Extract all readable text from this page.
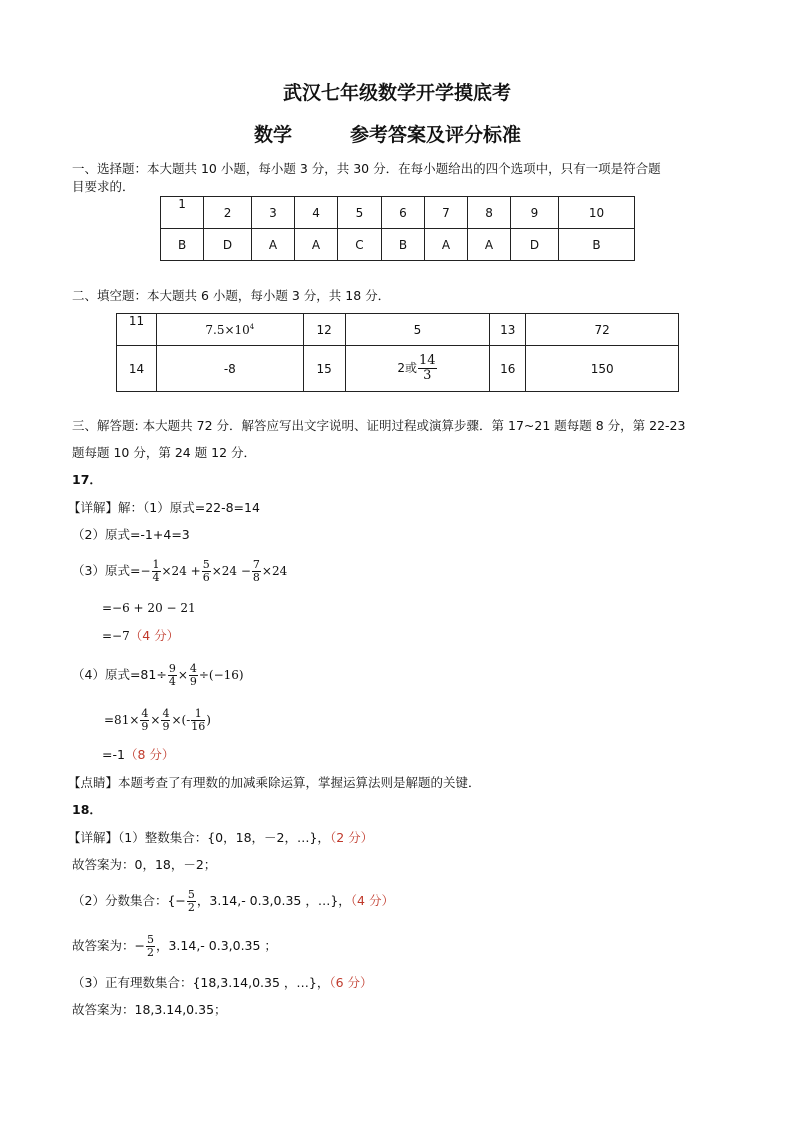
武汉七年级数学开学摸底考
数学	参考答案及评分标准
一、选择题：本大题共 10 小题，每小题 3 分，共 30 分．在每小题给出的四个选项中，只有一项是符合题
目要求的．
1	2	3	4	5	6	7	8	9	10
B	D	A	A	C	B	A	A	D	B
二、填空题：本大题共 6 小题，每小题 3 分，共 18 分．
11	$7.5\times 10^4$	12	5	13	72
14	-8	15	2或 $\frac{14}{3}$	16	150
三、解答题: 本大题共 72 分．解答应写出文字说明、证明过程或演算步骤．第 17~21 题每题 8 分，第 22-23
题每题 10 分，第 24 题 12 分．
17．
【详解】解：（1）原式=22-8=14
（2）原式=-1+4=3
（3）原式=− $\frac{1}{4} \times 24 + \frac{5}{6} \times 24 - \frac{7}{8} \times 24$
=−6 + 20 − 21
=−7（4 分）
（4）原式$=81\div \frac{9}{4} \times \frac{4}{9} \div(-16)$
$=81\times \frac{4}{9} \times \frac{4}{9}$ ×(- $\frac{1}{16}$ )
=-1（8 分）
【点睛】本题考查了有理数的加减乘除运算，掌握运算法则是解题的关键．
18．
【详解】（1）整数集合：{0，18，－2，…}，（2 分）
故答案为：0，18，－2；
（2）分数集合：{− $\frac{5}{2}$ ，3.14,- 0.3,0.35 ，…}，（4 分）
故答案为：− $\frac{5}{2}$ ，3.14,- 0.3,0.35 ；
（3）正有理数集合：{18,3.14,0.35 ，…}，（6 分）
故答案为：18,3.14,0.35；
